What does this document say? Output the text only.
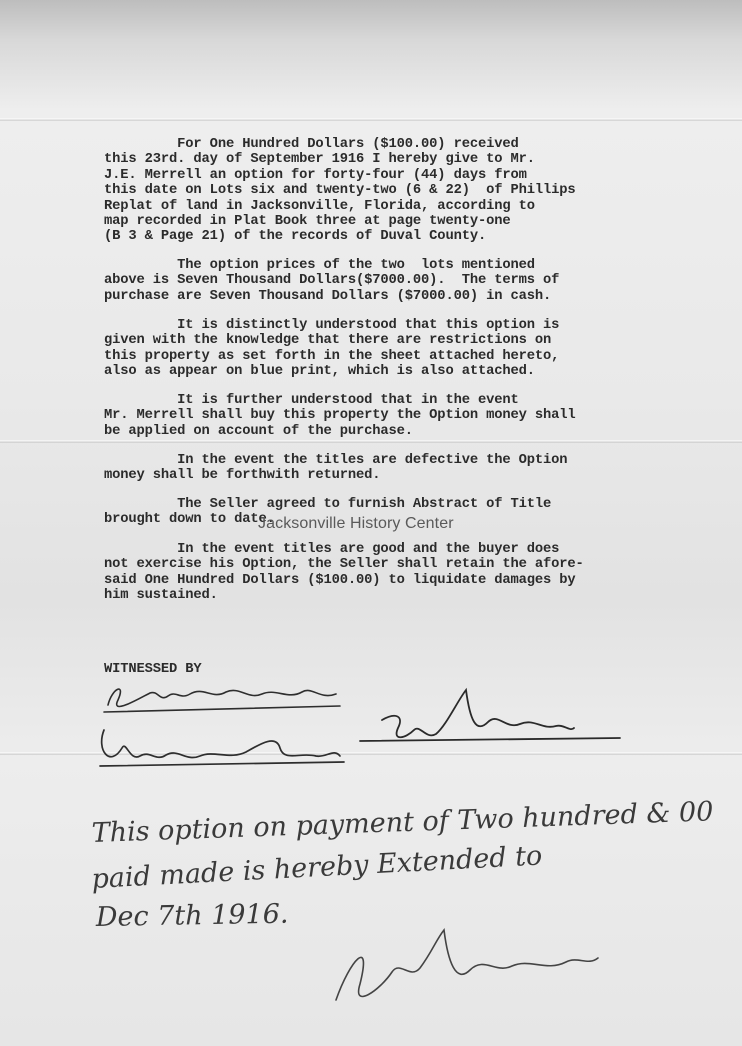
For One Hundred Dollars ($100.00) received
this 23rd. day of September 1916 I hereby give to Mr.
J.E. Merrell an option for forty-four (44) days from
this date on Lots six and twenty-two (6 & 22)  of Phillips
Replat of land in Jacksonville, Florida, according to
map recorded in Plat Book three at page twenty-one
(B 3 & Page 21) of the records of Duval County.
The option prices of the two  lots mentioned
above is Seven Thousand Dollars($7000.00).  The terms of
purchase are Seven Thousand Dollars ($7000.00) in cash.
It is distinctly understood that this option is
given with the knowledge that there are restrictions on
this property as set forth in the sheet attached hereto,
also as appear on blue print, which is also attached.
It is further understood that in the event
Mr. Merrell shall buy this property the Option money shall
be applied on account of the purchase.
In the event the titles are defective the Option
money shall be forthwith returned.
The Seller agreed to furnish Abstract of Title
brought down to date.
In the event titles are good and the buyer does
not exercise his Option, the Seller shall retain the afore-
said One Hundred Dollars ($100.00) to liquidate damages by
him sustained.
WITNESSED BY
Jacksonville History Center
This option on payment of Two hundred & 00
paid made is hereby Extended to
Dec 7th 1916.
